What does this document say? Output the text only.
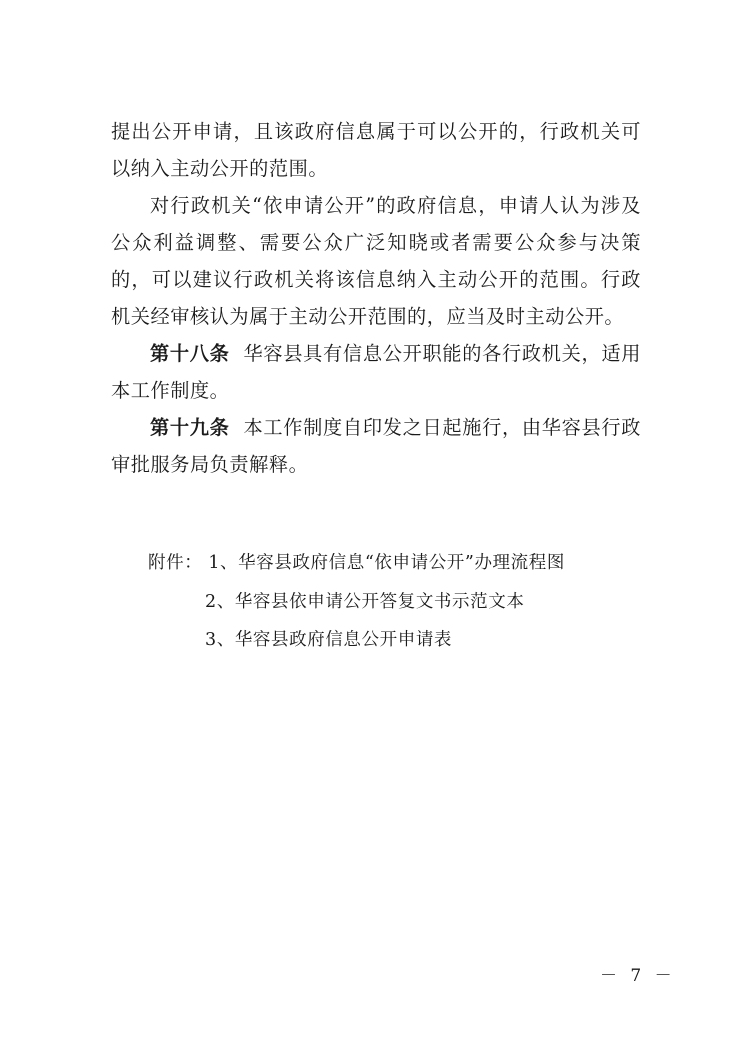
提出公开申请，且该政府信息属于可以公开的，行政机关可以纳入主动公开的范围。

对行政机关“依申请公开”的政府信息，申请人认为涉及公众利益调整、需要公众广泛知晓或者需要公众参与决策的，可以建议行政机关将该信息纳入主动公开的范围。行政机关经审核认为属于主动公开范围的，应当及时主动公开。

第十八条 华容县具有信息公开职能的各行政机关，适用本工作制度。

第十九条 本工作制度自印发之日起施行，由华容县行政审批服务局负责解释。

附件： 1、华容县政府信息“依申请公开”办理流程图

2、华容县依申请公开答复文书示范文本

3、华容县政府信息公开申请表

－ 7 －
